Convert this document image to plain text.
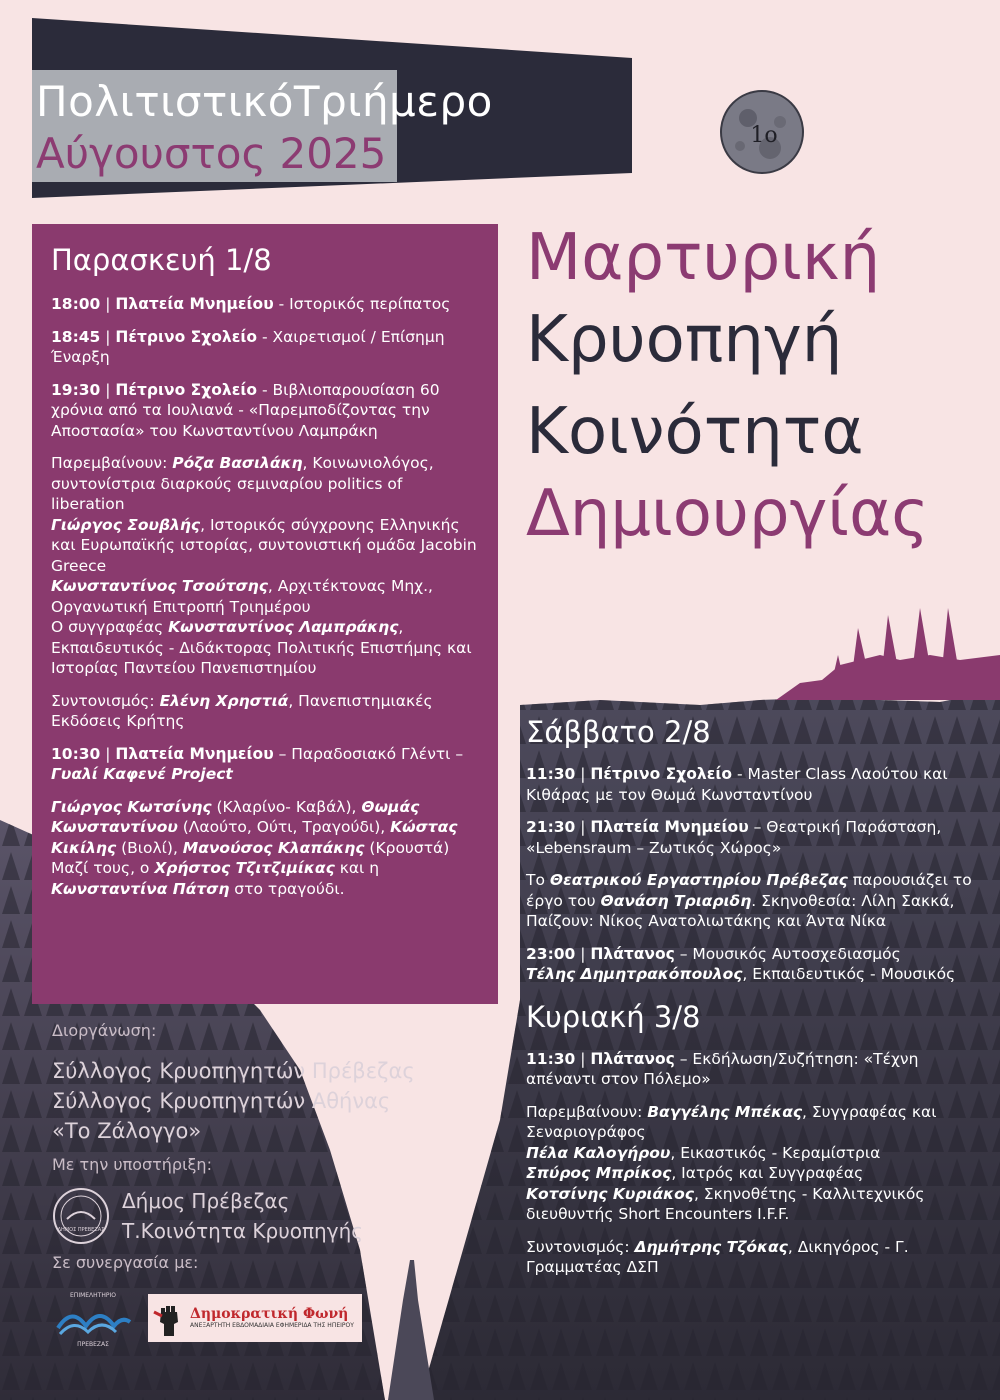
ΠολιτιστικόΤριήμερο
Αύγουστος 2025	1ο
Μαρτυρική
Κρυοπηγή
Κοινότητα
Δημιουργίας
Παρασκευή 1/8

18:00 | Πλατεία Μνημείου - Ιστορικός περίπατος

18:45 | Πέτρινο Σχολείο - Χαιρετισμοί / Επίσημη Έναρξη

19:30 | Πέτρινο Σχολείο - Βιβλιοπαρουσίαση 60 χρόνια από τα Ιουλιανά - «Παρεμποδίζοντας την Αποστασία» του Κωνσταντίνου Λαμπράκη

Παρεμβαίνουν: Ρόζα Βασιλάκη, Κοινωνιολόγος, συντονίστρια διαρκούς σεμιναρίου politics of liberation
Γιώργος Σουβλής, Ιστορικός σύγχρονης Ελληνικής και Ευρωπαϊκής ιστορίας, συντονιστική ομάδα Jacobin Greece
Κωνσταντίνος Τσούτσης, Αρχιτέκτονας Μηχ., Οργανωτική Επιτροπή Τριημέρου
Ο συγγραφέας Κωνσταντίνος Λαμπράκης, Εκπαιδευτικός - Διδάκτορας Πολιτικής Επιστήμης και Ιστορίας Παντείου Πανεπιστημίου

Συντονισμός: Ελένη Χρηστιά, Πανεπιστημιακές Εκδόσεις Κρήτης

10:30 | Πλατεία Μνημείου – Παραδοσιακό Γλέντι – Γυαλί Καφενέ Project

Γιώργος Κωτσίνης (Κλαρίνο- Καβάλ), Θωμάς Κωνσταντίνου (Λαούτο, Ούτι, Τραγούδι), Κώστας Κικίλης (Βιολί), Μανούσος Κλαπάκης (Κρουστά)
Μαζί τους, ο Χρήστος Τζιτζιμίκας και η Κωνσταντίνα Πάτση στο τραγούδι.

Σάββατο 2/8

11:30 | Πέτρινο Σχολείο - Master Class Λαούτου και Κιθάρας με τον Θωμά Κωνσταντίνου

21:30 | Πλατεία Μνημείου – Θεατρική Παράσταση, «Lebensraum – Ζωτικός Χώρος»

Το Θεατρικού Εργαστηρίου Πρέβεζας παρουσιάζει το έργο του Θανάση Τριαριδη. Σκηνοθεσία: Λίλη Σακκά, Παίζουν: Νίκος Ανατολιωτάκης και Άντα Νίκα

23:00 | Πλάτανος – Μουσικός Αυτοσχεδιασμός
Τέλης Δημητρακόπουλος, Εκπαιδευτικός - Μουσικός

Κυριακή 3/8

11:30 | Πλάτανος – Εκδήλωση/Συζήτηση: «Τέχνη απέναντι στον Πόλεμο»

Παρεμβαίνουν: Βαγγέλης Μπέκας, Συγγραφέας και Σεναριογράφος
Πέλα Καλογήρου, Εικαστικός - Κεραμίστρια
Σπύρος Μπρίκος, Ιατρός και Συγγραφέας
Κοτσίνης Κυριάκος, Σκηνοθέτης - Καλλιτεχνικός διευθυντής Short Encounters I.F.F.

Συντονισμός: Δημήτρης Τζόκας, Δικηγόρος - Γ. Γραμματέας ΔΣΠ

Διοργάνωση:
Σύλλογος Κρυοπηγητών Πρέβεζας
Σύλλογος Κρυοπηγητών Αθήνας
«Το Ζάλογγο»
Με την υποστήριξη:
ΔΗΜΟΣ ΠΡΕΒΕΖΑΣ
Δήμος Πρέβεζας
Τ.Κοινότητα Κρυοπηγής
Σε συνεργασία με:
ΕΠΙΜΕΛΗΤΗΡΙΟ
ΠΡΕΒΕΖΑΣ
Δημοκρατική Φωνή
ΑΝΕΞΑΡΤΗΤΗ ΕΒΔΟΜΑΔΙΑΙΑ ΕΦΗΜΕΡΙΔΑ ΤΗΣ ΗΠΕΙΡΟΥ
